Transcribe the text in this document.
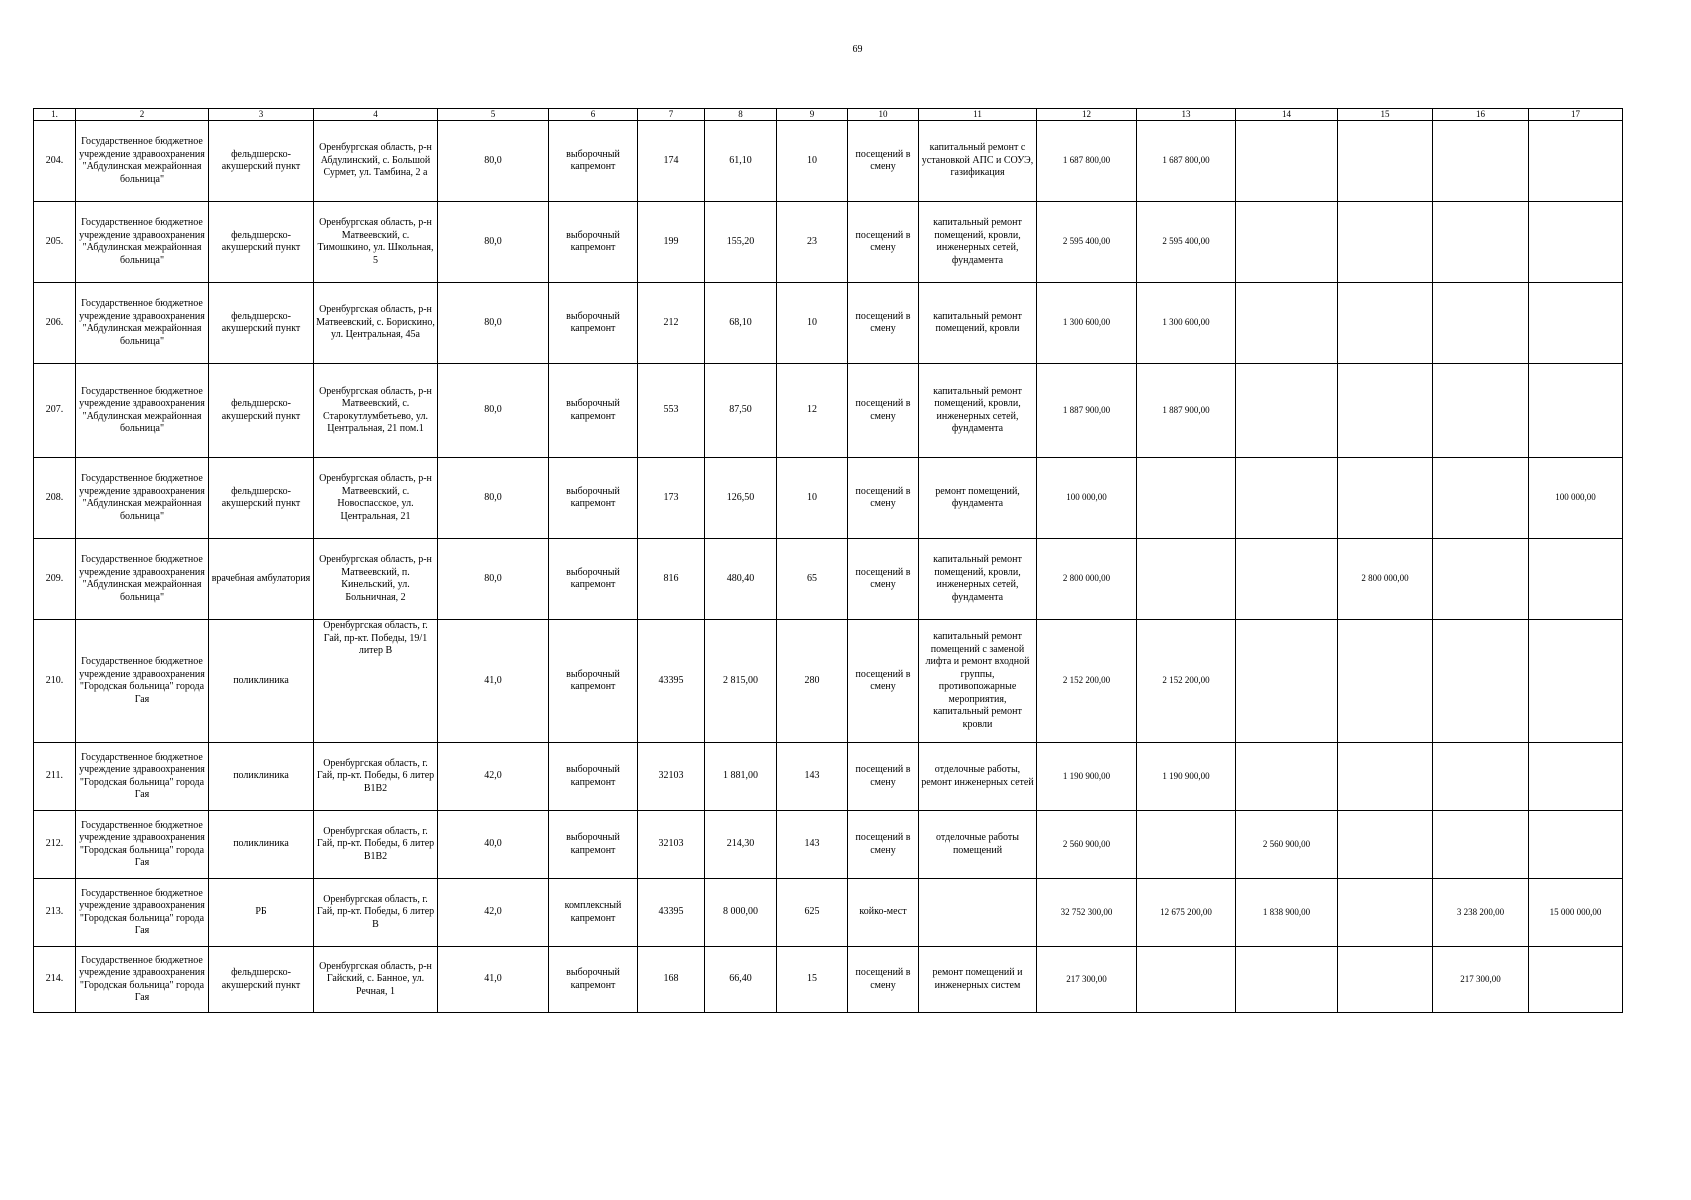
69
1.	2	3	4	5	6	7	8	9	10	11	12	13	14	15	16	17
204.	Государственное бюджетное учреждение здравоохранения "Абдулинская межрайонная больница"	фельдшерско-акушерский пункт	Оренбургская область, р-н Абдулинский, с. Большой Сурмет, ул. Тамбина, 2 а	80,0	выборочный капремонт	174	61,10	10	посещений в смену	капитальный ремонт с установкой АПС и СОУЭ, газификация	1 687 800,00	1 687 800,00				
205.	Государственное бюджетное учреждение здравоохранения "Абдулинская межрайонная больница"	фельдшерско-акушерский пункт	Оренбургская область, р-н Матвеевский, с. Тимошкино, ул. Школьная, 5	80,0	выборочный капремонт	199	155,20	23	посещений в смену	капитальный ремонт помещений, кровли, инженерных сетей, фундамента	2 595 400,00	2 595 400,00				
206.	Государственное бюджетное учреждение здравоохранения "Абдулинская межрайонная больница"	фельдшерско-акушерский пункт	Оренбургская область, р-н Матвеевский, с. Борискино, ул. Центральная, 45а	80,0	выборочный капремонт	212	68,10	10	посещений в смену	капитальный ремонт помещений, кровли	1 300 600,00	1 300 600,00				
207.	Государственное бюджетное учреждение здравоохранения "Абдулинская межрайонная больница"	фельдшерско-акушерский пункт	Оренбургская область, р-н Матвеевский, с. Старокутлумбетьево, ул. Центральная, 21 пом.1	80,0	выборочный капремонт	553	87,50	12	посещений в смену	капитальный ремонт помещений, кровли, инженерных сетей, фундамента	1 887 900,00	1 887 900,00				
208.	Государственное бюджетное учреждение здравоохранения "Абдулинская межрайонная больница"	фельдшерско-акушерский пункт	Оренбургская область, р-н Матвеевский, с. Новоспасское, ул. Центральная, 21	80,0	выборочный капремонт	173	126,50	10	посещений в смену	ремонт помещений, фундамента	100 000,00					100 000,00
209.	Государственное бюджетное учреждение здравоохранения "Абдулинская межрайонная больница"	врачебная амбулатория	Оренбургская область, р-н Матвеевский, п. Кинельский, ул. Больничная, 2	80,0	выборочный капремонт	816	480,40	65	посещений в смену	капитальный ремонт помещений, кровли, инженерных сетей, фундамента	2 800 000,00			2 800 000,00		
210.	Государственное бюджетное учреждение здравоохранения "Городская больница" города Гая	поликлиника	Оренбургская область, г. Гай, пр-кт. Победы, 19/1 литер В	41,0	выборочный капремонт	43395	2 815,00	280	посещений в смену	капитальный ремонт помещений с заменой лифта и ремонт входной группы, противопожарные мероприятия, капитальный ремонт кровли	2 152 200,00	2 152 200,00				
211.	Государственное бюджетное учреждение здравоохранения "Городская больница" города Гая	поликлиника	Оренбургская область, г. Гай, пр-кт. Победы, 6 литер В1В2	42,0	выборочный капремонт	32103	1 881,00	143	посещений в смену	отделочные работы, ремонт инженерных сетей	1 190 900,00	1 190 900,00				
212.	Государственное бюджетное учреждение здравоохранения "Городская больница" города Гая	поликлиника	Оренбургская область, г. Гай, пр-кт. Победы, 6 литер В1В2	40,0	выборочный капремонт	32103	214,30	143	посещений в смену	отделочные работы помещений	2 560 900,00		2 560 900,00			
213.	Государственное бюджетное учреждение здравоохранения "Городская больница" города Гая	РБ	Оренбургская область, г. Гай, пр-кт. Победы, 6 литер В	42,0	комплексный капремонт	43395	8 000,00	625	койко-мест		32 752 300,00	12 675 200,00	1 838 900,00		3 238 200,00	15 000 000,00
214.	Государственное бюджетное учреждение здравоохранения "Городская больница" города Гая	фельдшерско-акушерский пункт	Оренбургская область, р-н Гайский, с. Банное, ул. Речная, 1	41,0	выборочный капремонт	168	66,40	15	посещений в смену	ремонт помещений и инженерных систем	217 300,00				217 300,00	
